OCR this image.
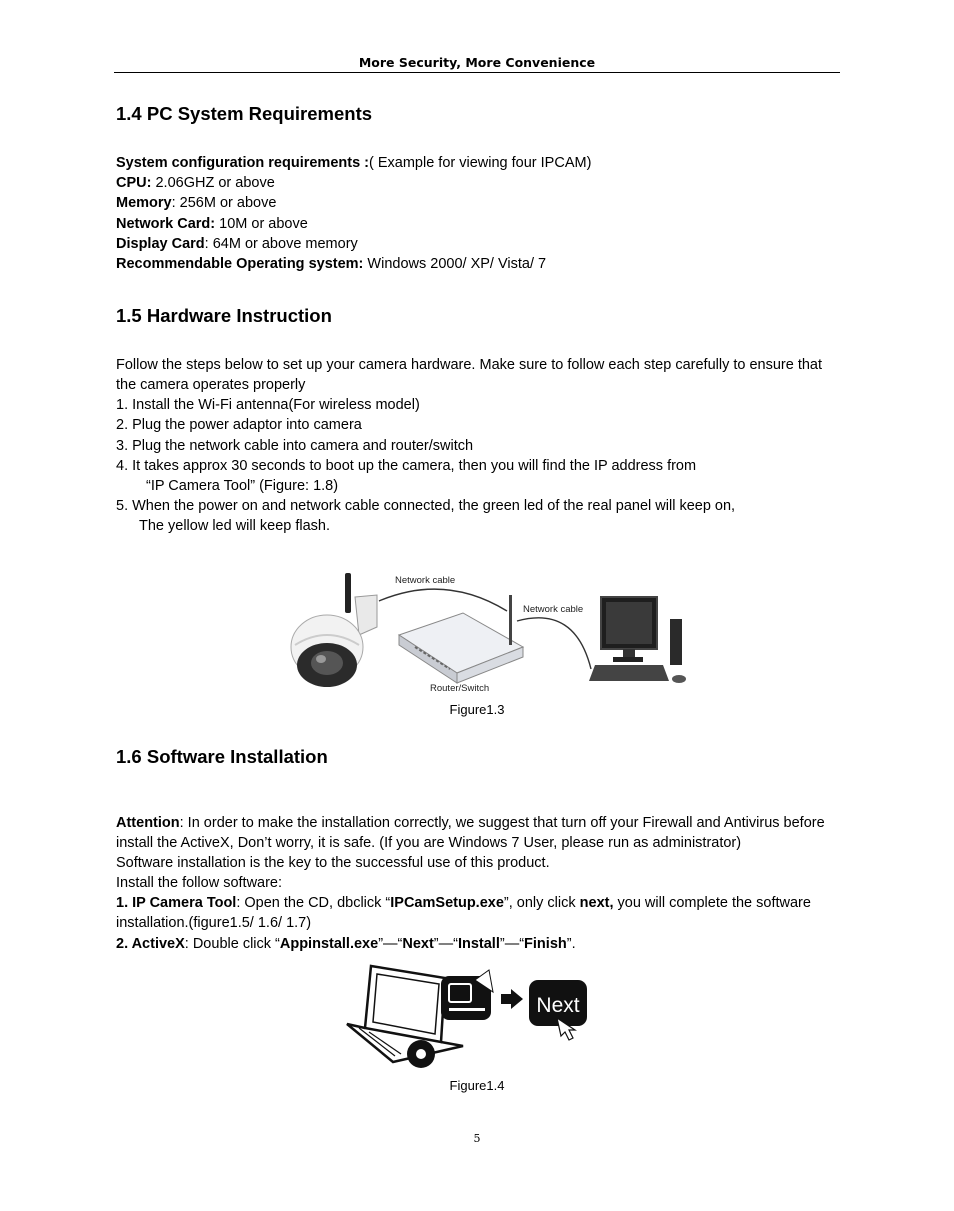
More Security, More Convenience
1.4 PC System Requirements
System configuration requirements :( Example for viewing four IPCAM)
CPU: 2.06GHZ or above
Memory: 256M or above
Network Card: 10M or above
Display Card: 64M or above memory
Recommendable Operating system: Windows 2000/ XP/ Vista/ 7
1.5 Hardware Instruction
Follow the steps below to set up your camera hardware. Make sure to follow each step carefully to ensure that
the camera operates properly
1. Install the Wi-Fi antenna(For wireless model)
2. Plug the power adaptor into camera
3. Plug the network cable into camera and router/switch
4. It takes approx 30 seconds to boot up the camera, then you will find the IP address from
“IP Camera Tool” (Figure: 1.8)
5. When the power on and network cable connected, the green led of the real panel will keep on,
The yellow led will keep flash.
Network cable
Router/Switch
Network cable
Figure1.3
1.6 Software Installation
Attention: In order to make the installation correctly, we suggest that turn off your Firewall and Antivirus before
install the ActiveX, Don’t worry, it is safe. (If you are Windows 7 User, please run as administrator)
Software installation is the key to the successful use of this product.
Install the follow software:
1. IP Camera Tool: Open the CD, dbclick “IPCamSetup.exe”, only click next, you will complete the software
installation.(figure1.5/ 1.6/ 1.7)
2. ActiveX: Double click “Appinstall.exe”—“Next”—“Install”—“Finish”.
Next
Figure1.4
5
